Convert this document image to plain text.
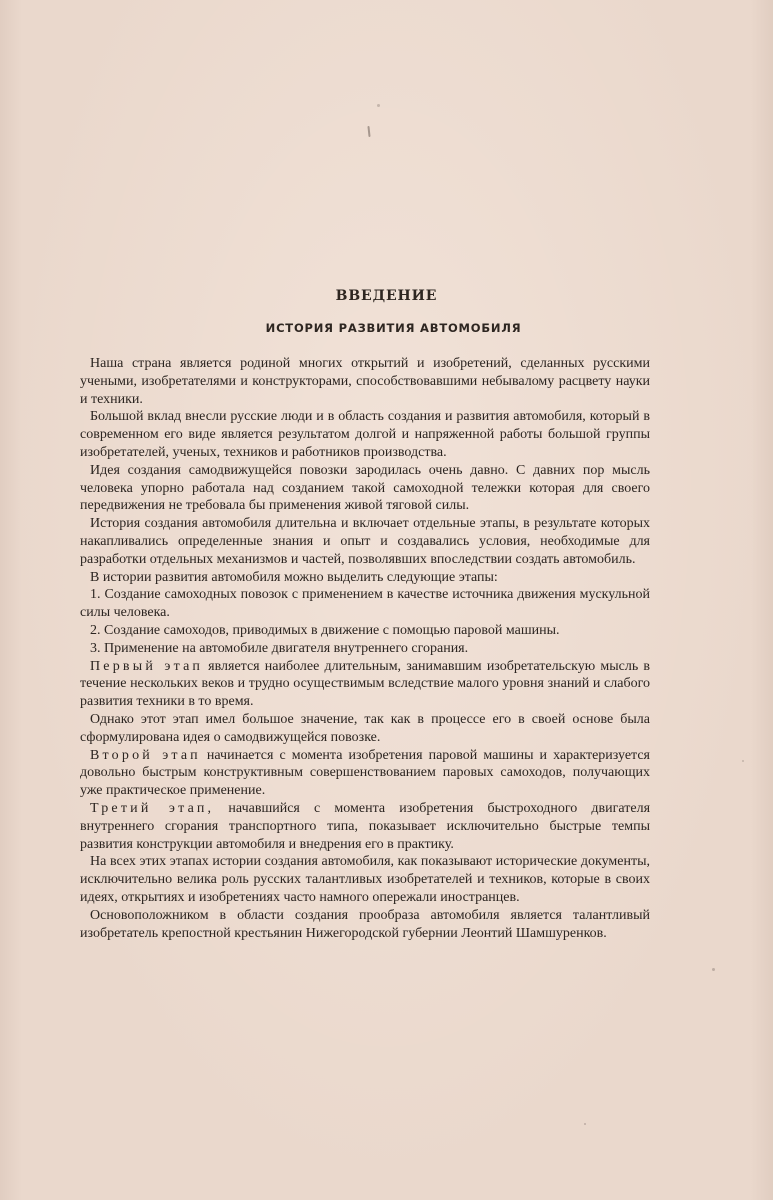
ВВЕДЕНИЕ
ИСТОРИЯ РАЗВИТИЯ АВТОМОБИЛЯ

Наша страна является родиной многих открытий и изобретений, сделанных русскими учеными, изобретателями и конструкторами, способствовавшими небывалому расцвету науки и техники.

Большой вклад внесли русские люди и в область создания и развития автомобиля, который в современном его виде является результатом долгой и напряженной работы большой группы изобретателей, ученых, техников и работников производства.

Идея создания самодвижущейся повозки зародилась очень давно. С давних пор мысль человека упорно работала над созданием такой самоходной тележки которая для своего передвижения не требовала бы применения живой тяговой силы.

История создания автомобиля длительна и включает отдельные этапы, в результате которых накапливались определенные знания и опыт и создавались условия, необходимые для разработки отдельных механизмов и частей, позволявших впоследствии создать автомобиль.

В истории развития автомобиля можно выделить следующие этапы:

1. Создание самоходных повозок с применением в качестве источника движения мускульной силы человека.

2. Создание самоходов, приводимых в движение с помощью паровой машины.

3. Применение на автомобиле двигателя внутреннего сгорания.

Первый этап является наиболее длительным, занимавшим изобретательскую мысль в течение нескольких веков и трудно осуществимым вследствие малого уровня знаний и слабого развития техники в то время.

Однако этот этап имел большое значение, так как в процессе его в своей основе была сформулирована идея о самодвижущейся повозке.

Второй этап начинается с момента изобретения паровой машины и характеризуется довольно быстрым конструктивным совершенствованием паровых самоходов, получающих уже практическое применение.

Третий этап, начавшийся с момента изобретения быстроходного двигателя внутреннего сгорания транспортного типа, показывает исключительно быстрые темпы развития конструкции автомобиля и внедрения его в практику.

На всех этих этапах истории создания автомобиля, как показывают исторические документы, исключительно велика роль русских талантливых изобретателей и техников, которые в своих идеях, открытиях и изобретениях часто намного опережали иностранцев.

Основоположником в области создания прообраза автомобиля является талантливый изобретатель крепостной крестьянин Нижегородской губернии Леонтий Шамшуренков.
